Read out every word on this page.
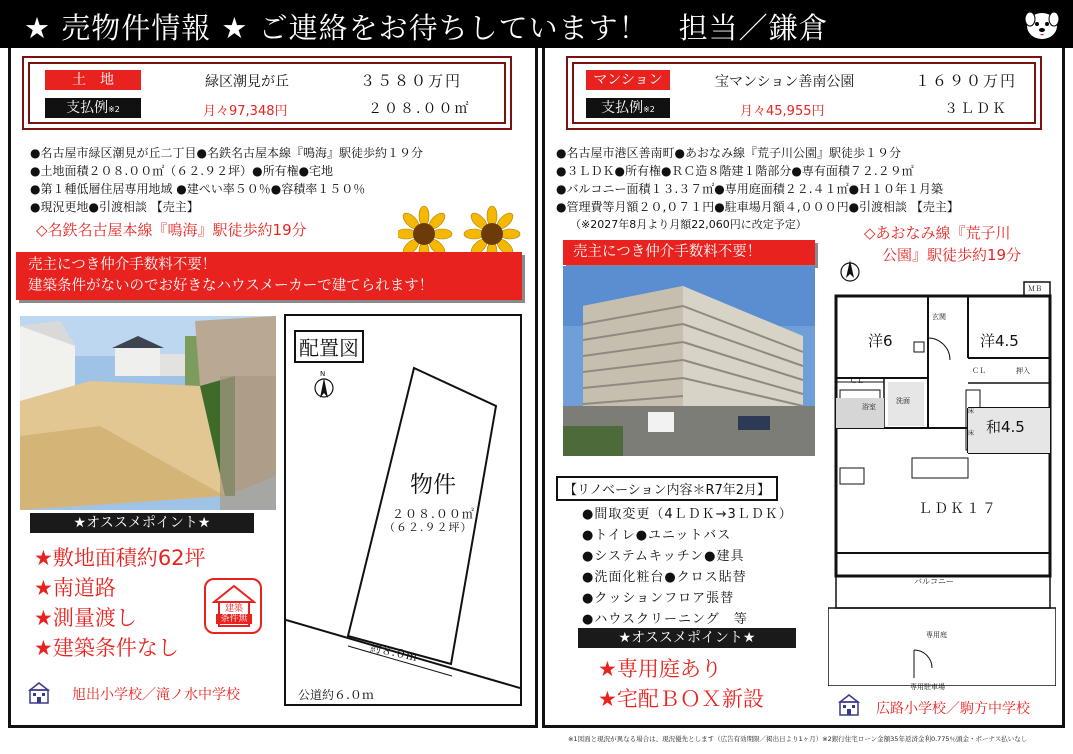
★ 売物件情報 ★ ご連絡をお待ちしています！　担当／鎌倉
土　地	緑区潮見が丘	３５８０万円
支払例※2	月々97,348円	２０８.００㎡
●名古屋市緑区潮見が丘二丁目●名鉄名古屋本線『鳴海』駅徒歩約１９分
●土地面積２０８.００㎡（６２.９２坪）●所有権●宅地
●第１種低層住居専用地域 ●建ぺい率５０％●容積率１５０％
●現況更地●引渡相談 【売主】
◇名鉄名古屋本線『鳴海』駅徒歩約19分
売主につき仲介手数料不要！
建築条件がないのでお好きなハウスメーカーで建てられます！
★オススメポイント★
★敷地面積約62坪
★南道路
★測量渡し
★建築条件なし
建築
条件無
旭出小学校／滝ノ水中学校
配置図
N
物件
２０８.００㎡
（６２.９２坪）
約８.０ｍ
公道約６.０ｍ
マンション	宝マンション善南公園	１６９０万円
支払例※2	月々45,955円	３ＬＤＫ
●名古屋市港区善南町●あおなみ線『荒子川公園』駅徒歩１９分
●３ＬＤＫ●所有権●ＲＣ造８階建１階部分●専有面積７２.２９㎡
●バルコニー面積１３.３７㎡●専用庭面積２２.４１㎡●Ｈ１０年１月築
●管理費等月額２０,０７１円●駐車場月額４,０００円●引渡相談 【売主】
（※2027年8月より月額22,060円に改定予定）	◇あおなみ線『荒子川
公園』駅徒歩約19分
売主につき仲介手数料不要！
【リノベーション内容＊R7年2月】
●間取変更（4ＬＤＫ→3ＬＤＫ）
●トイレ●ユニットバス
●システムキッチン●建具
●洗面化粧台●クロス貼替
●クッションフロア張替
●ハウスクリーニング　等
★オススメポイント★
★専用庭あり
★宅配ＢＯＸ新設	広路小学校／駒方中学校
洋6	洋4.5
和4.5
ＬＤＫ１７
玄関
ＭＢ
ＣＬ
ＣＬ	押入
浴室
洗面
床
床
バルコニー
専用庭
専用駐車場
※1図面と現況が異なる場合は、現況優先とします（広告有効期限／掲出日より1ヶ月）※2銀行住宅ローン金額35年返済金利0.775％頭金・ボーナス払いなし
